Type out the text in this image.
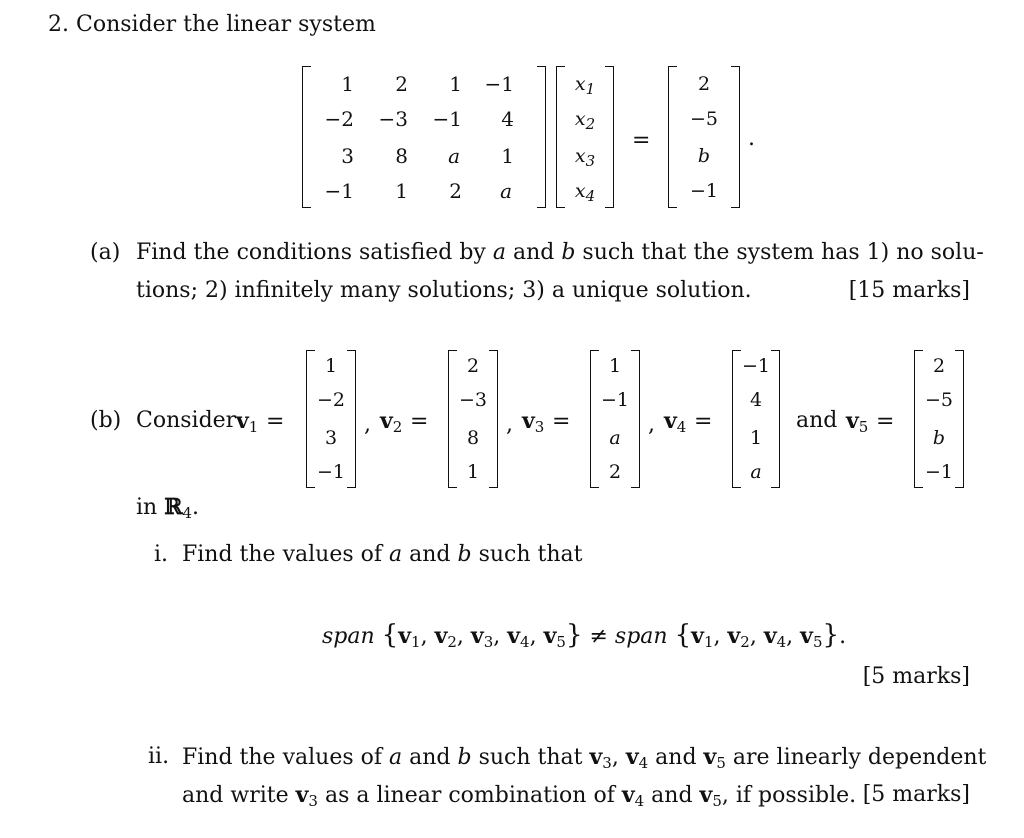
2. Consider the linear system
1 2 1 −1
−2 −3 −1 4
3 8 a 1
−1 1 2 a
$x_1$
$x_2$
$x_3$
$x_4$
=
2
−5
b
−1
.
(a) Find the conditions satisfied by a and b such that the system has 1) no solu-
tions; 2) infinitely many solutions; 3) a unique solution.	[15 marks]
(b) Consider $v_1$ =
1
−2
3
−1
, $v_2$ =
2
−3
8
1
, $v_3$ =
1
−1
a
2
, $v_4$ =
−1
4
1
a
and $v_5$ =
2
−5
b
−1
in ℝ$_4$.
i. Find the values of a and b such that
span {$v_1$, $v_2$, $v_3$, $v_4$, $v_5$} ≠ span {$v_1$, $v_2$, $v_4$, $v_5$}.
[5 marks]
ii. Find the values of a and b such that $v_3$, $v_4$ and $v_5$ are linearly dependent
and write $v_3$ as a linear combination of $v_4$ and $v_5$, if possible. [5 marks]
